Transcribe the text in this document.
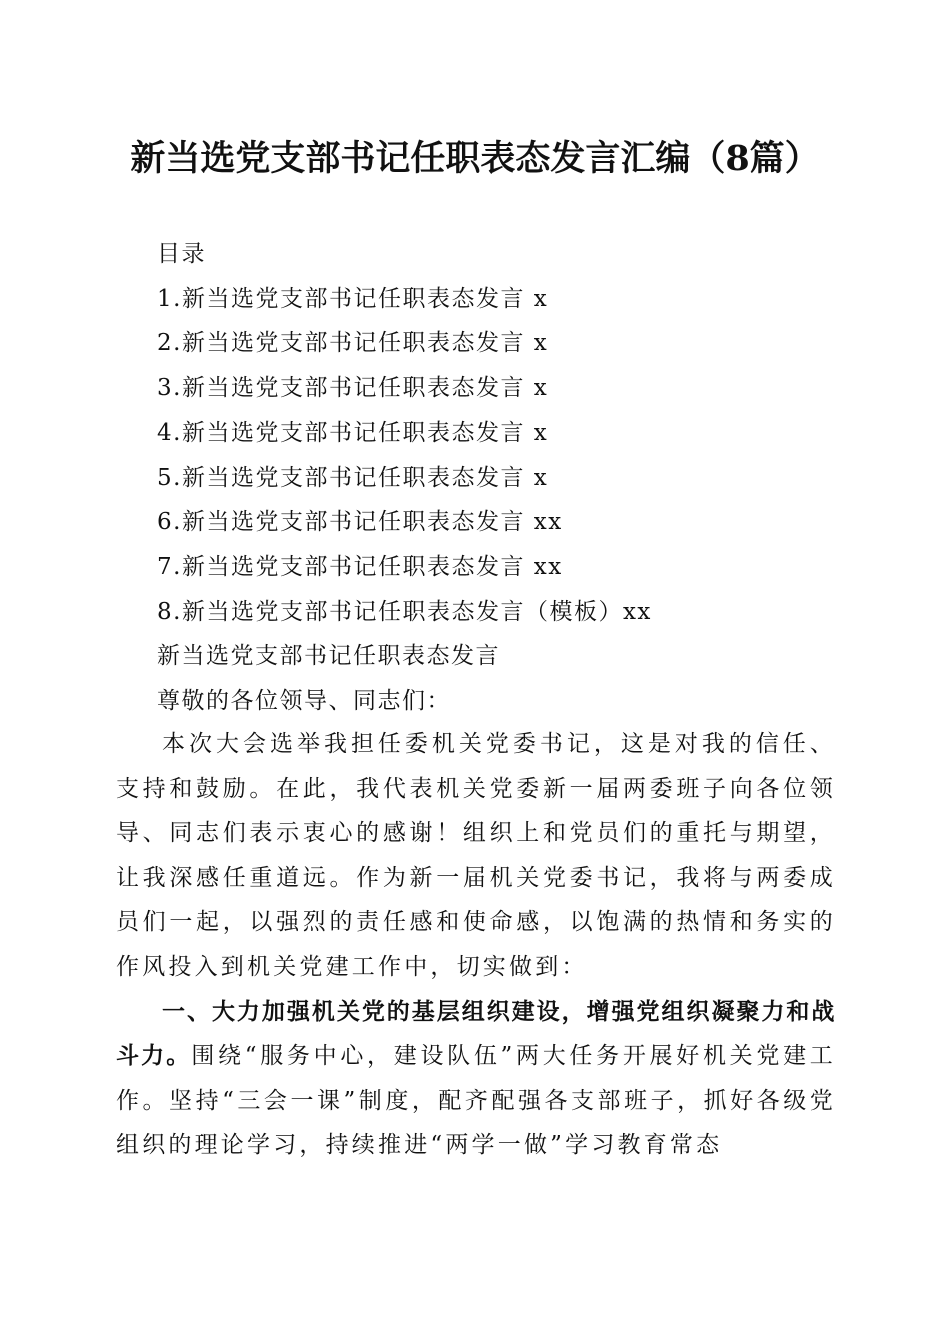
新当选党支部书记任职表态发言汇编（8篇）
目录
1.新当选党支部书记任职表态发言 x
2.新当选党支部书记任职表态发言 x
3.新当选党支部书记任职表态发言 x
4.新当选党支部书记任职表态发言 x
5.新当选党支部书记任职表态发言 x
6.新当选党支部书记任职表态发言 xx
7.新当选党支部书记任职表态发言 xx
8.新当选党支部书记任职表态发言（模板）xx
新当选党支部书记任职表态发言
尊敬的各位领导、同志们：

本次大会选举我担任委机关党委书记，这是对我的信任、支持和鼓励。在此，我代表机关党委新一届两委班子向各位领导、同志们表示衷心的感谢！组织上和党员们的重托与期望，让我深感任重道远。作为新一届机关党委书记，我将与两委成员们一起，以强烈的责任感和使命感，以饱满的热情和务实的作风投入到机关党建工作中，切实做到：

一、大力加强机关党的基层组织建设，增强党组织凝聚力和战斗力。围绕“服务中心，建设队伍”两大任务开展好机关党建工作。坚持“三会一课”制度，配齐配强各支部班子，抓好各级党组织的理论学习，持续推进“两学一做”学习教育常态
